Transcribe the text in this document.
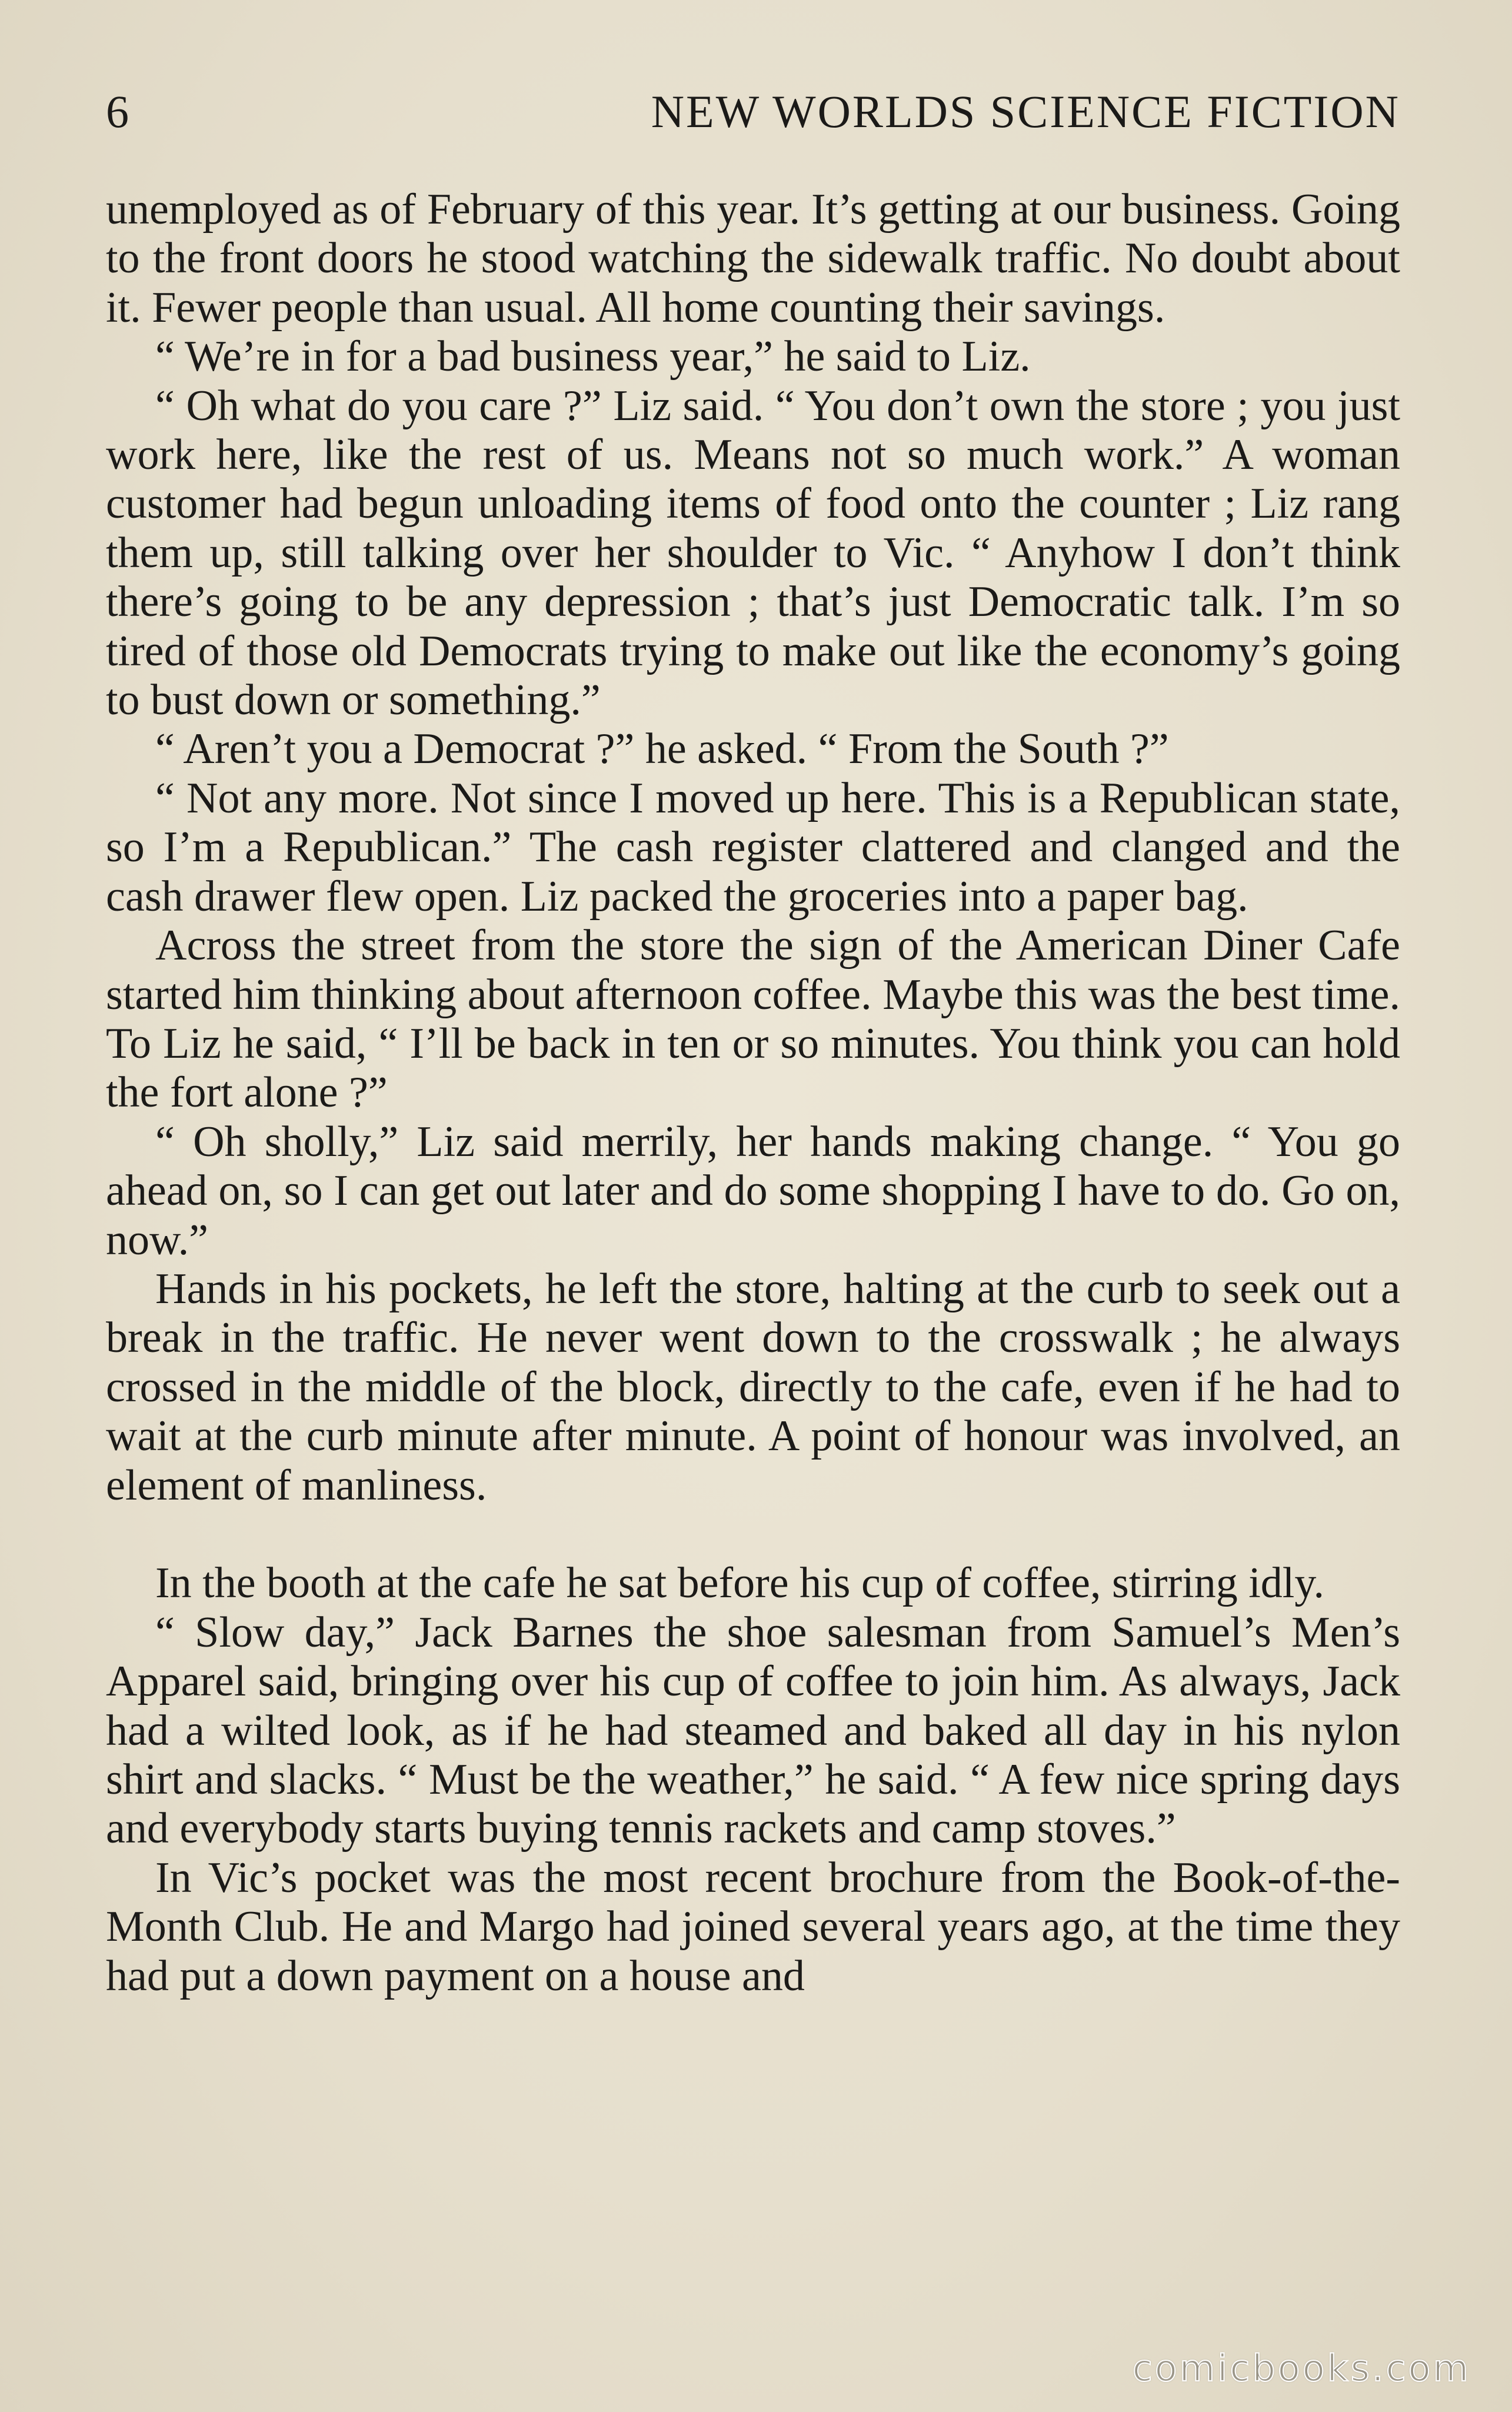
6	NEW WORLDS SCIENCE FICTION

unemployed as of February of this year. It’s getting at our business. Going to the front doors he stood watching the sidewalk traffic. No doubt about it. Fewer people than usual. All home counting their savings.

“ We’re in for a bad business year,” he said to Liz.

“ Oh what do you care ?” Liz said. “ You don’t own the store ; you just work here, like the rest of us. Means not so much work.” A woman customer had begun unloading items of food onto the counter ; Liz rang them up, still talking over her shoulder to Vic. “ Anyhow I don’t think there’s going to be any depression ; that’s just Democratic talk. I’m so tired of those old Democrats trying to make out like the economy’s going to bust down or something.”

“ Aren’t you a Democrat ?” he asked. “ From the South ?”

“ Not any more. Not since I moved up here. This is a Republican state, so I’m a Republican.” The cash register clattered and clanged and the cash drawer flew open. Liz packed the groceries into a paper bag.

Across the street from the store the sign of the American Diner Cafe started him thinking about afternoon coffee. Maybe this was the best time. To Liz he said, “ I’ll be back in ten or so minutes. You think you can hold the fort alone ?”

“ Oh sholly,” Liz said merrily, her hands making change. “ You go ahead on, so I can get out later and do some shopping I have to do. Go on, now.”

Hands in his pockets, he left the store, halting at the curb to seek out a break in the traffic. He never went down to the crosswalk ; he always crossed in the middle of the block, directly to the cafe, even if he had to wait at the curb minute after minute. A point of honour was involved, an element of manliness.

In the booth at the cafe he sat before his cup of coffee, stirring idly.

“ Slow day,” Jack Barnes the shoe salesman from Samuel’s Men’s Apparel said, bringing over his cup of coffee to join him. As always, Jack had a wilted look, as if he had steamed and baked all day in his nylon shirt and slacks. “ Must be the weather,” he said. “ A few nice spring days and everybody starts buying tennis rackets and camp stoves.”

In Vic’s pocket was the most recent brochure from the Book-of-the-Month Club. He and Margo had joined several years ago, at the time they had put a down payment on a house and

comicbooks.com
